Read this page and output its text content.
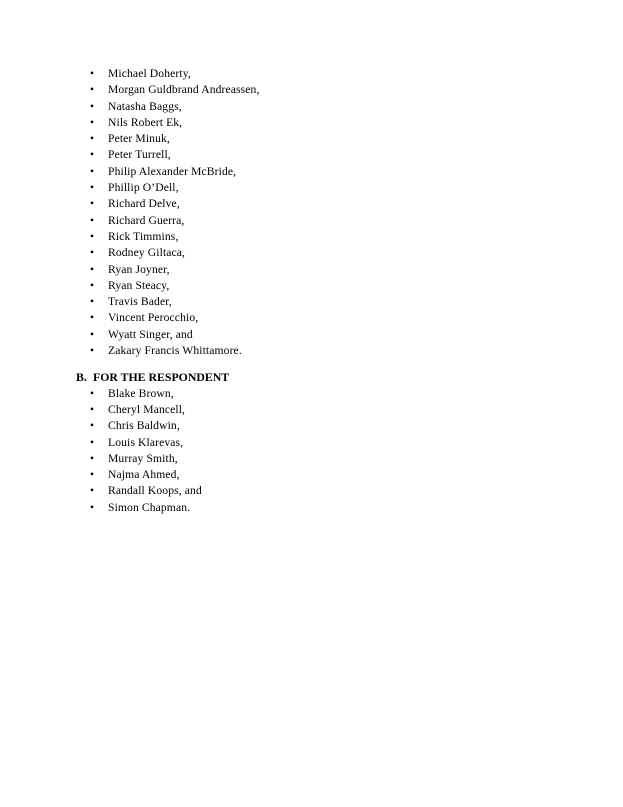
• Michael Doherty,
• Morgan Guldbrand Andreassen,
• Natasha Baggs,
• Nils Robert Ek,
• Peter Minuk,
• Peter Turrell,
• Philip Alexander McBride,
• Phillip O’Dell,
• Richard Delve,
• Richard Guerra,
• Rick Timmins,
• Rodney Giltaca,
• Ryan Joyner,
• Ryan Steacy,
• Travis Bader,
• Vincent Perocchio,
• Wyatt Singer, and
• Zakary Francis Whittamore.
B. FOR THE RESPONDENT
• Blake Brown,
• Cheryl Mancell,
• Chris Baldwin,
• Louis Klarevas,
• Murray Smith,
• Najma Ahmed,
• Randall Koops, and
• Simon Chapman.
